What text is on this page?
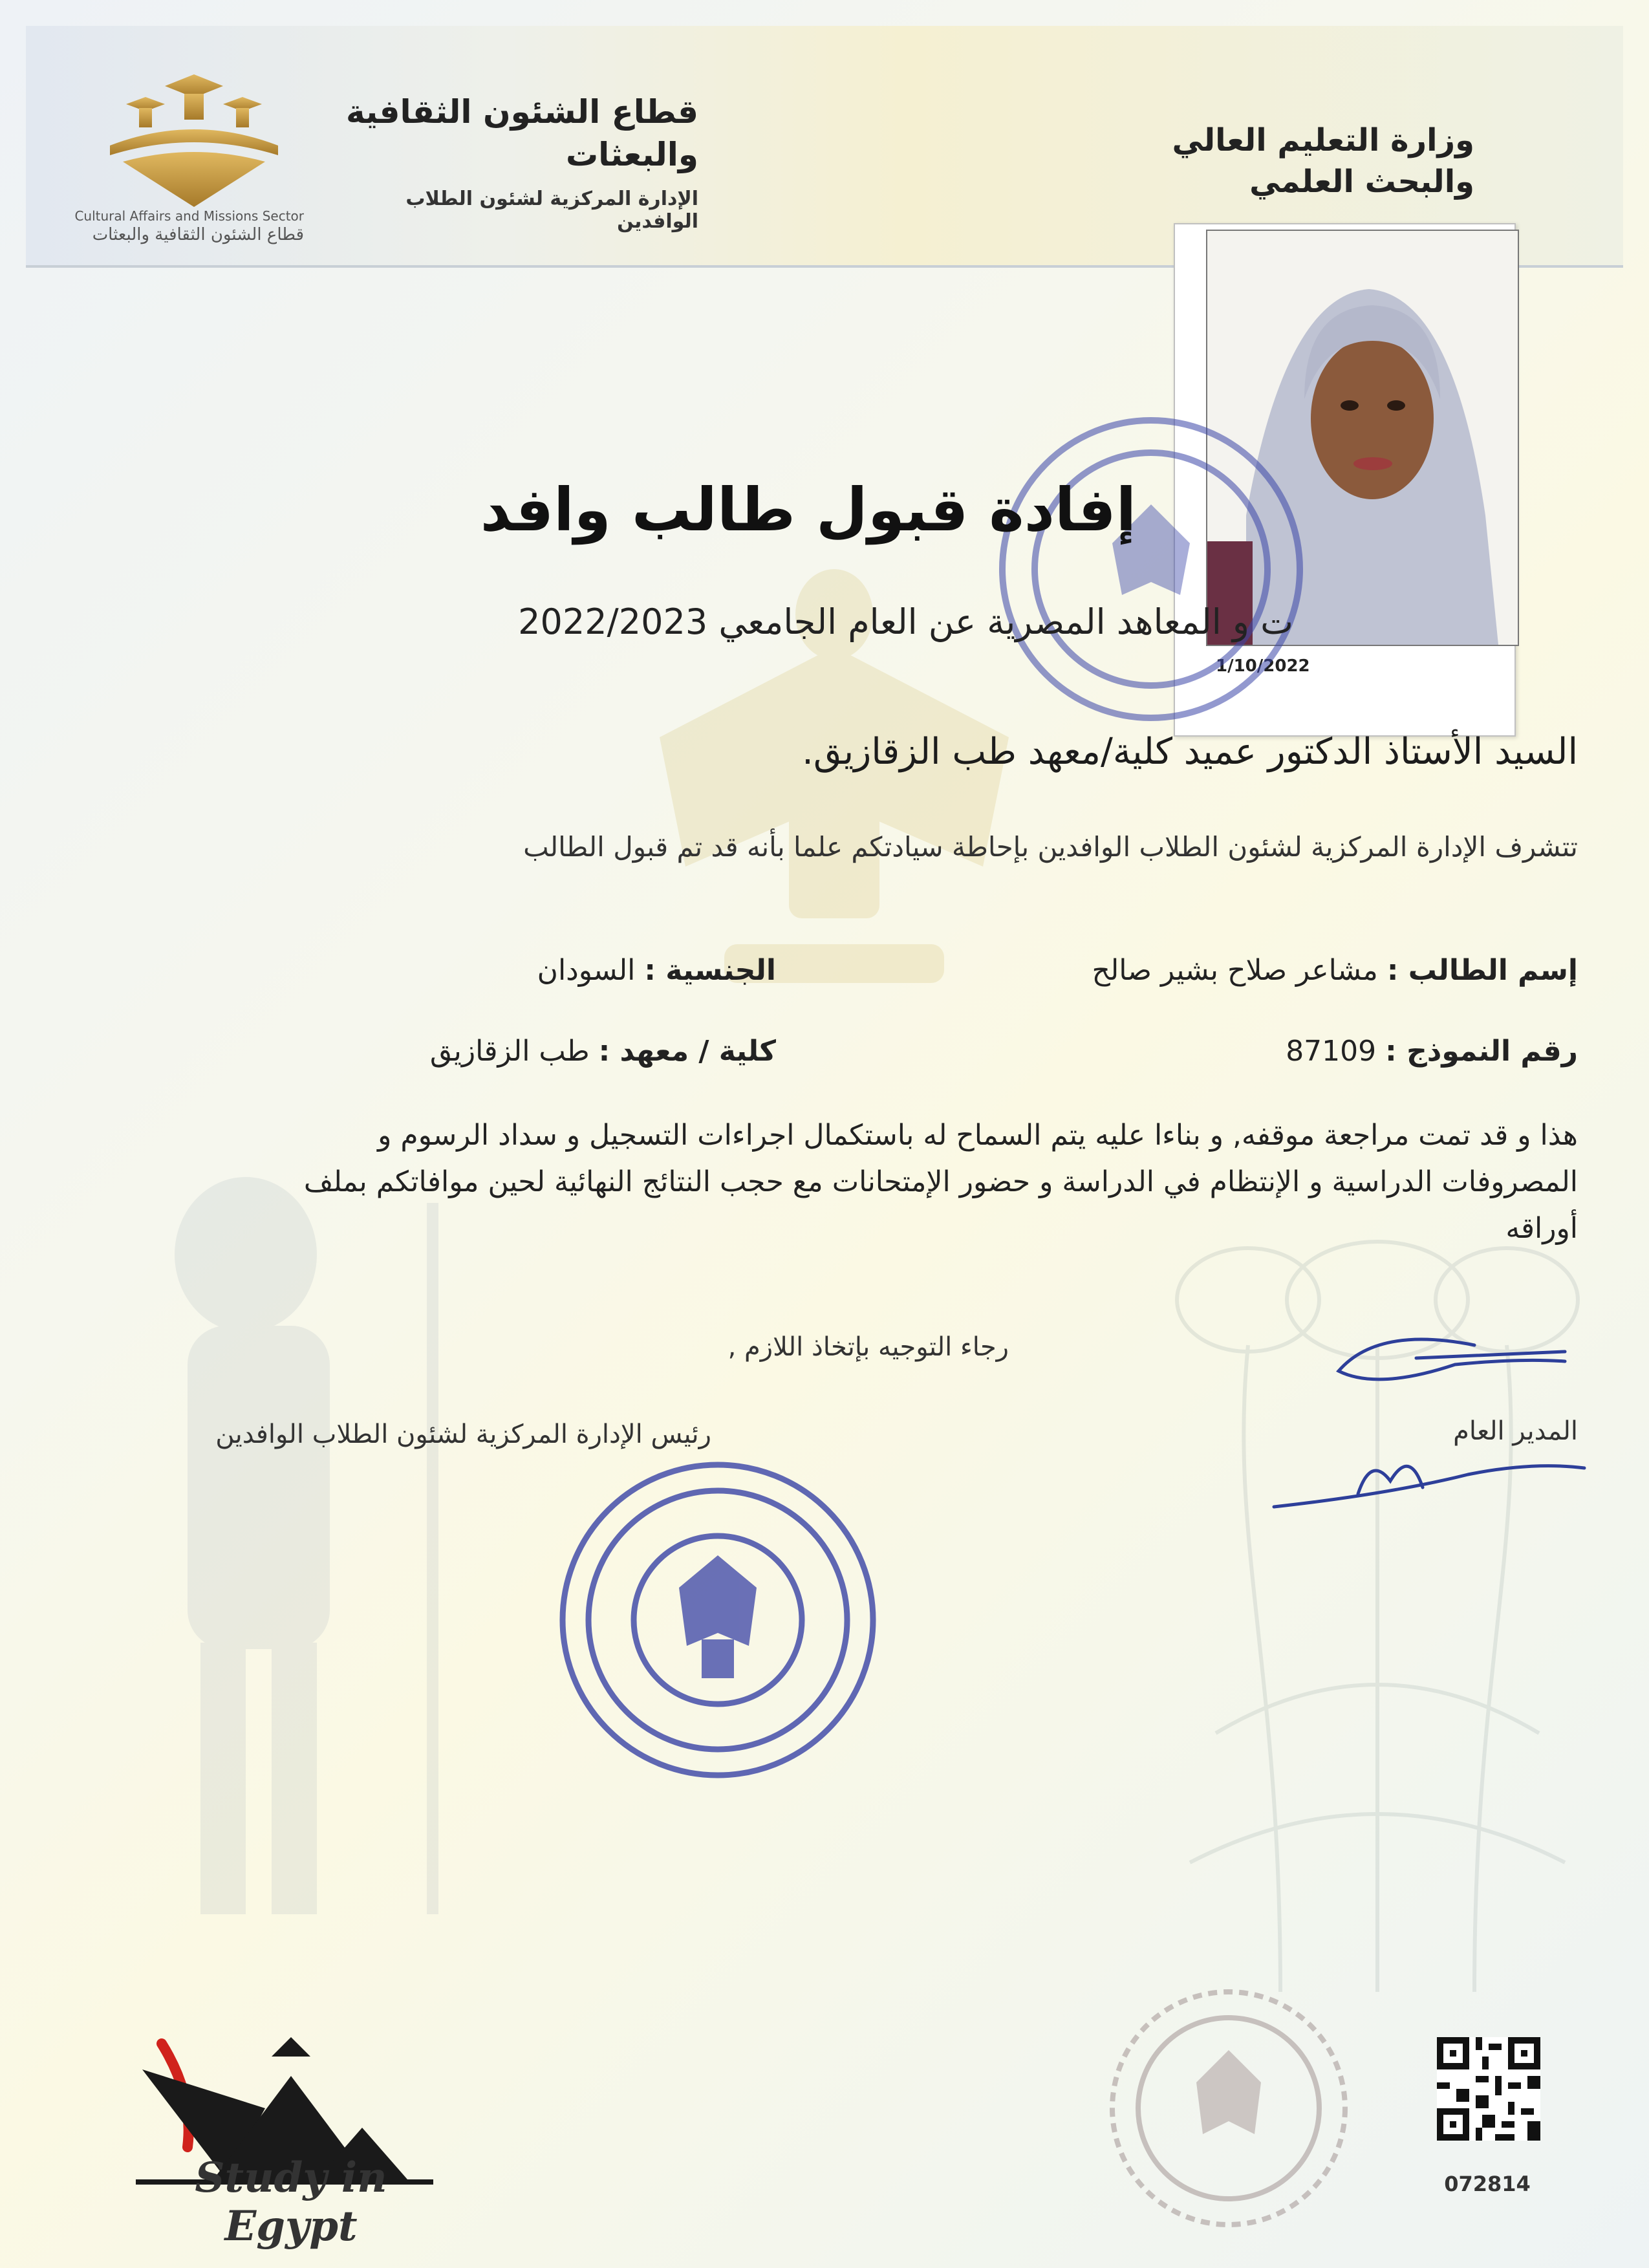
Cultural Affairs and Missions Sector
قطاع الشئون الثقافية والبعثات
قطاع الشئون الثقافية
والبعثات
الإدارة المركزية لشئون الطلاب الوافدين
وزارة التعليم العالي
والبحث العلمي
1/10/2022
إفادة قبول طالب وافد
ت و المعاهد المصرية عن العام الجامعي 2022/2023
السيد الأستاذ الدكتور عميد كلية/معهد طب الزقازيق.
تتشرف الإدارة المركزية لشئون الطلاب الوافدين بإحاطة سيادتكم علما بأنه قد تم قبول الطالب
إسم الطالب : مشاعر صلاح بشير صالح
الجنسية : السودان
رقم النموذج : 87109
كلية / معهد : طب الزقازيق
هذا و قد تمت مراجعة موقفه, و بناءا عليه يتم السماح له باستكمال اجراءات التسجيل و سداد الرسوم و
المصروفات الدراسية و الإنتظام في الدراسة و حضور الإمتحانات مع حجب النتائج النهائية لحين موافاتكم بملف
أوراقه
رجاء التوجيه بإتخاذ اللازم ,
المدير العام
رئيس الإدارة المركزية لشئون الطلاب الوافدين
Study in Egypt
072814
